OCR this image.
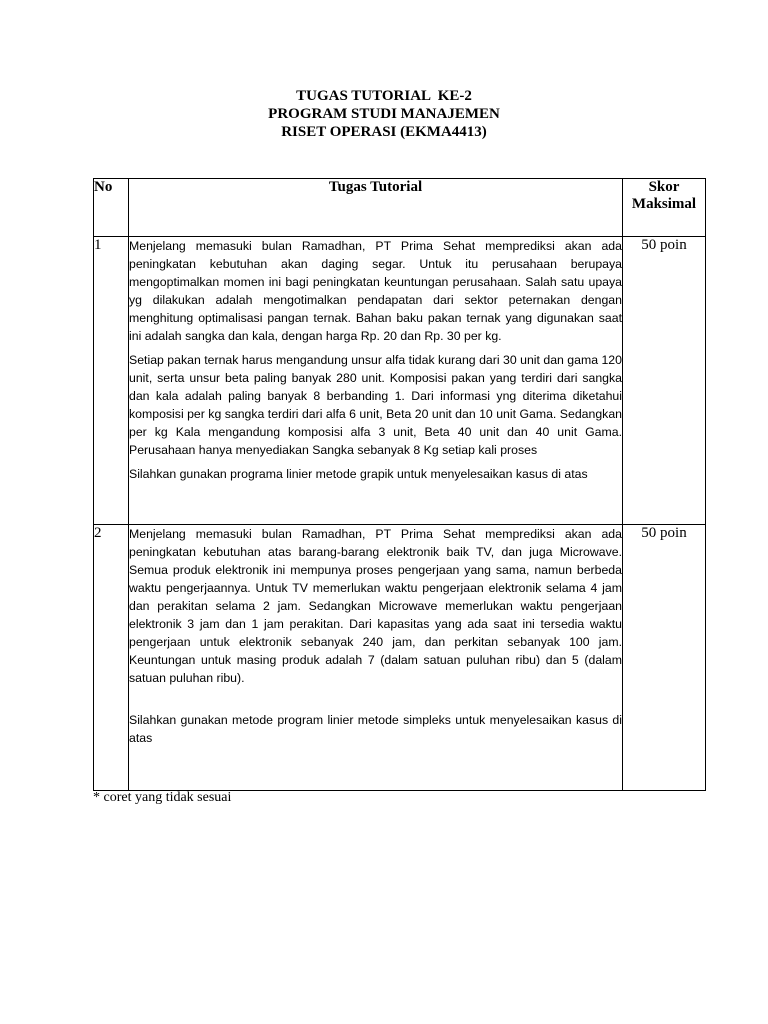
TUGAS TUTORIAL  KE-2
PROGRAM STUDI MANAJEMEN
RISET OPERASI (EKMA4413)
No	Tugas Tutorial	Skor Maksimal
1	Menjelang memasuki bulan Ramadhan, PT Prima Sehat memprediksi akan ada peningkatan kebutuhan akan daging segar. Untuk itu perusahaan berupaya mengoptimalkan momen ini bagi peningkatan keuntungan perusahaan. Salah satu upaya yg dilakukan adalah mengotimalkan pendapatan dari sektor peternakan dengan menghitung optimalisasi pangan ternak. Bahan baku pakan ternak yang digunakan saat ini adalah sangka dan kala, dengan harga Rp. 20 dan Rp. 30 per kg.

Setiap pakan ternak harus mengandung unsur alfa tidak kurang dari 30 unit dan gama 120 unit, serta unsur beta paling banyak 280 unit. Komposisi pakan yang terdiri dari sangka dan kala adalah paling banyak 8 berbanding 1. Dari informasi yng diterima diketahui komposisi per kg sangka terdiri dari alfa 6 unit, Beta 20 unit dan 10 unit Gama. Sedangkan per kg Kala mengandung komposisi alfa 3 unit, Beta 40 unit dan 40 unit Gama. Perusahaan hanya menyediakan Sangka sebanyak 8 Kg setiap kali proses

Silahkan gunakan programa linier metode grapik untuk menyelesaikan kasus di atas	50 poin
2	Menjelang memasuki bulan Ramadhan, PT Prima Sehat memprediksi akan ada peningkatan kebutuhan atas barang-barang elektronik baik TV, dan juga Microwave. Semua produk elektronik ini mempunya proses pengerjaan yang sama, namun berbeda waktu pengerjaannya. Untuk TV memerlukan waktu pengerjaan elektronik selama 4 jam dan perakitan selama 2 jam. Sedangkan Microwave memerlukan waktu pengerjaan elektronik 3 jam dan 1 jam perakitan. Dari kapasitas yang ada saat ini tersedia waktu pengerjaan untuk elektronik sebanyak 240 jam, dan perkitan sebanyak 100 jam. Keuntungan untuk masing produk adalah 7 (dalam satuan puluhan ribu) dan 5 (dalam satuan puluhan ribu).

Silahkan gunakan metode program linier metode simpleks untuk menyelesaikan kasus di atas	50 poin
* coret yang tidak sesuai
